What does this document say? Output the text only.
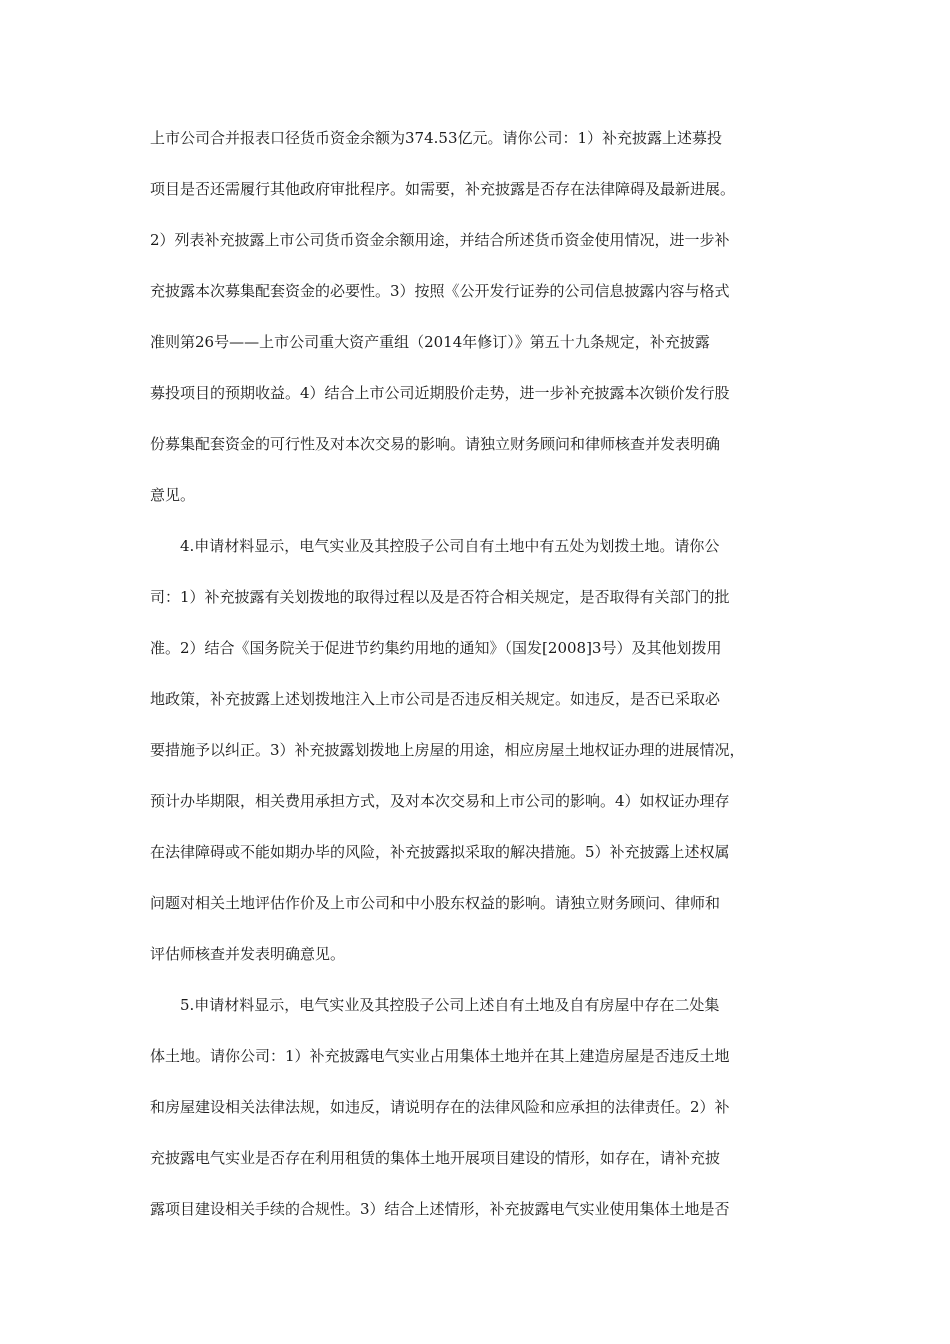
上市公司合并报表口径货币资金余额为374.53亿元。请你公司：1）补充披露上述募投
项目是否还需履行其他政府审批程序。如需要，补充披露是否存在法律障碍及最新进展。
2）列表补充披露上市公司货币资金余额用途，并结合所述货币资金使用情况，进一步补
充披露本次募集配套资金的必要性。3）按照《公开发行证券的公司信息披露内容与格式
准则第26号——上市公司重大资产重组（2014年修订）》第五十九条规定，补充披露
募投项目的预期收益。4）结合上市公司近期股价走势，进一步补充披露本次锁价发行股
份募集配套资金的可行性及对本次交易的影响。请独立财务顾问和律师核查并发表明确
意见。
4.申请材料显示，电气实业及其控股子公司自有土地中有五处为划拨土地。请你公
司：1）补充披露有关划拨地的取得过程以及是否符合相关规定，是否取得有关部门的批
准。2）结合《国务院关于促进节约集约用地的通知》（国发[2008]3号）及其他划拨用
地政策，补充披露上述划拨地注入上市公司是否违反相关规定。如违反，是否已采取必
要措施予以纠正。3）补充披露划拨地上房屋的用途，相应房屋土地权证办理的进展情况，
预计办毕期限，相关费用承担方式，及对本次交易和上市公司的影响。4）如权证办理存
在法律障碍或不能如期办毕的风险，补充披露拟采取的解决措施。5）补充披露上述权属
问题对相关土地评估作价及上市公司和中小股东权益的影响。请独立财务顾问、律师和
评估师核查并发表明确意见。
5.申请材料显示，电气实业及其控股子公司上述自有土地及自有房屋中存在二处集
体土地。请你公司：1）补充披露电气实业占用集体土地并在其上建造房屋是否违反土地
和房屋建设相关法律法规，如违反，请说明存在的法律风险和应承担的法律责任。2）补
充披露电气实业是否存在利用租赁的集体土地开展项目建设的情形，如存在，请补充披
露项目建设相关手续的合规性。3）结合上述情形，补充披露电气实业使用集体土地是否
